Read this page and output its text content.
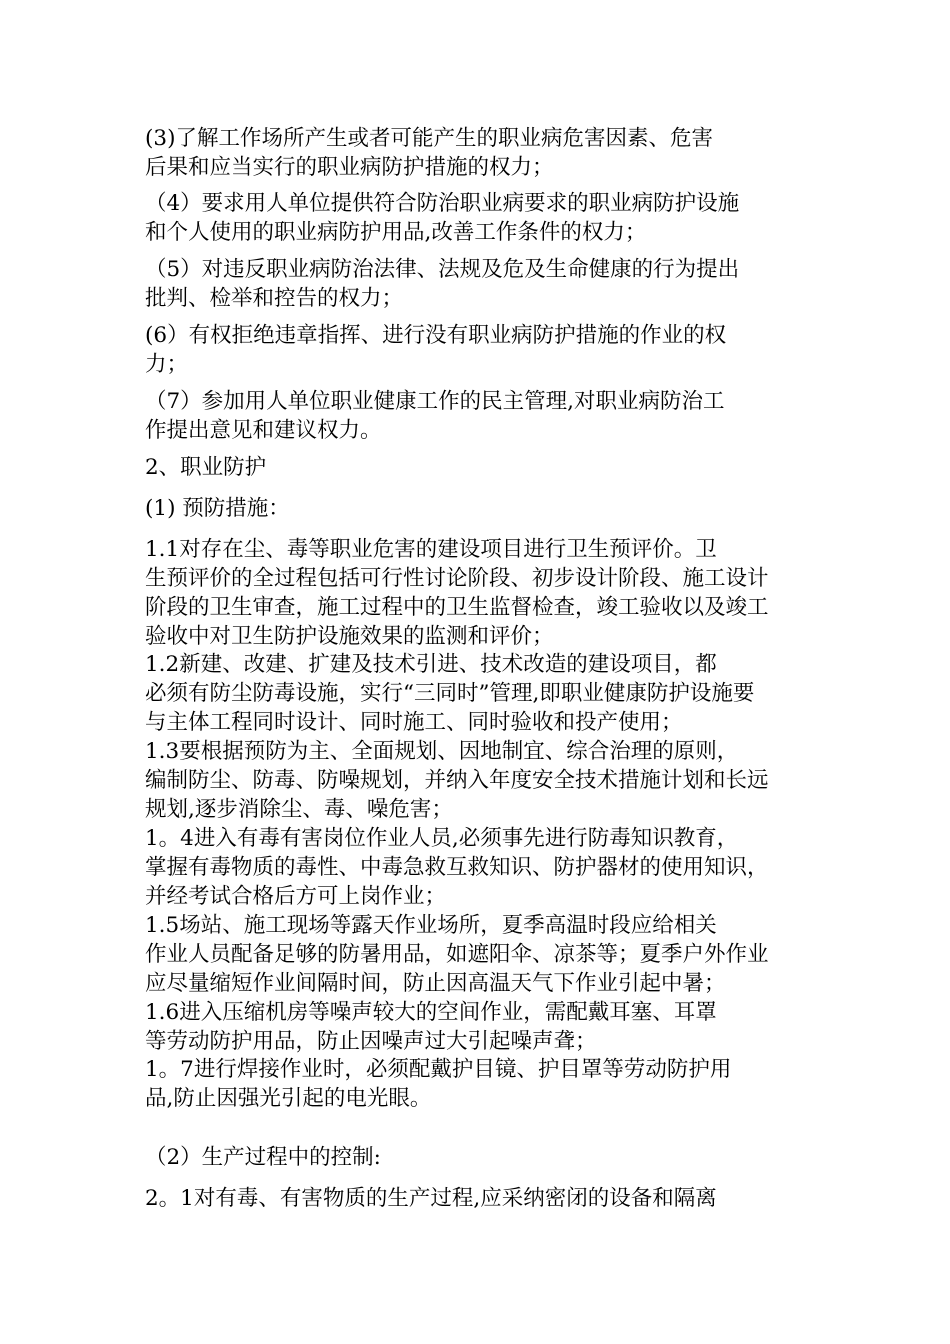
(3)了解工作场所产生或者可能产生的职业病危害因素、危害
后果和应当实行的职业病防护措施的权力；
（4）要求用人单位提供符合防治职业病要求的职业病防护设施
和个人使用的职业病防护用品,改善工作条件的权力；
（5）对违反职业病防治法律、法规及危及生命健康的行为提出
批判、检举和控告的权力；
(6）有权拒绝违章指挥、进行没有职业病防护措施的作业的权
力；
（7）参加用人单位职业健康工作的民主管理,对职业病防治工
作提出意见和建议权力。
2、职业防护
(1) 预防措施：
1.1对存在尘、毒等职业危害的建设项目进行卫生预评价。卫
生预评价的全过程包括可行性讨论阶段、初步设计阶段、施工设计
阶段的卫生审查，施工过程中的卫生监督检查，竣工验收以及竣工
验收中对卫生防护设施效果的监测和评价；
1.2新建、改建、扩建及技术引进、技术改造的建设项目，都
必须有防尘防毒设施，实行“三同时”管理,即职业健康防护设施要
与主体工程同时设计、同时施工、同时验收和投产使用；
1.3要根据预防为主、全面规划、因地制宜、综合治理的原则，
编制防尘、防毒、防噪规划，并纳入年度安全技术措施计划和长远
规划,逐步消除尘、毒、噪危害；
1。4进入有毒有害岗位作业人员,必须事先进行防毒知识教育，
掌握有毒物质的毒性、中毒急救互救知识、防护器材的使用知识，
并经考试合格后方可上岗作业；
1.5场站、施工现场等露天作业场所，夏季高温时段应给相关
作业人员配备足够的防暑用品，如遮阳伞、凉茶等；夏季户外作业
应尽量缩短作业间隔时间，防止因高温天气下作业引起中暑；
1.6进入压缩机房等噪声较大的空间作业，需配戴耳塞、耳罩
等劳动防护用品，防止因噪声过大引起噪声聋；
1。7进行焊接作业时，必须配戴护目镜、护目罩等劳动防护用
品,防止因强光引起的电光眼。
（2）生产过程中的控制:
2。1对有毒、有害物质的生产过程,应采纳密闭的设备和隔离
